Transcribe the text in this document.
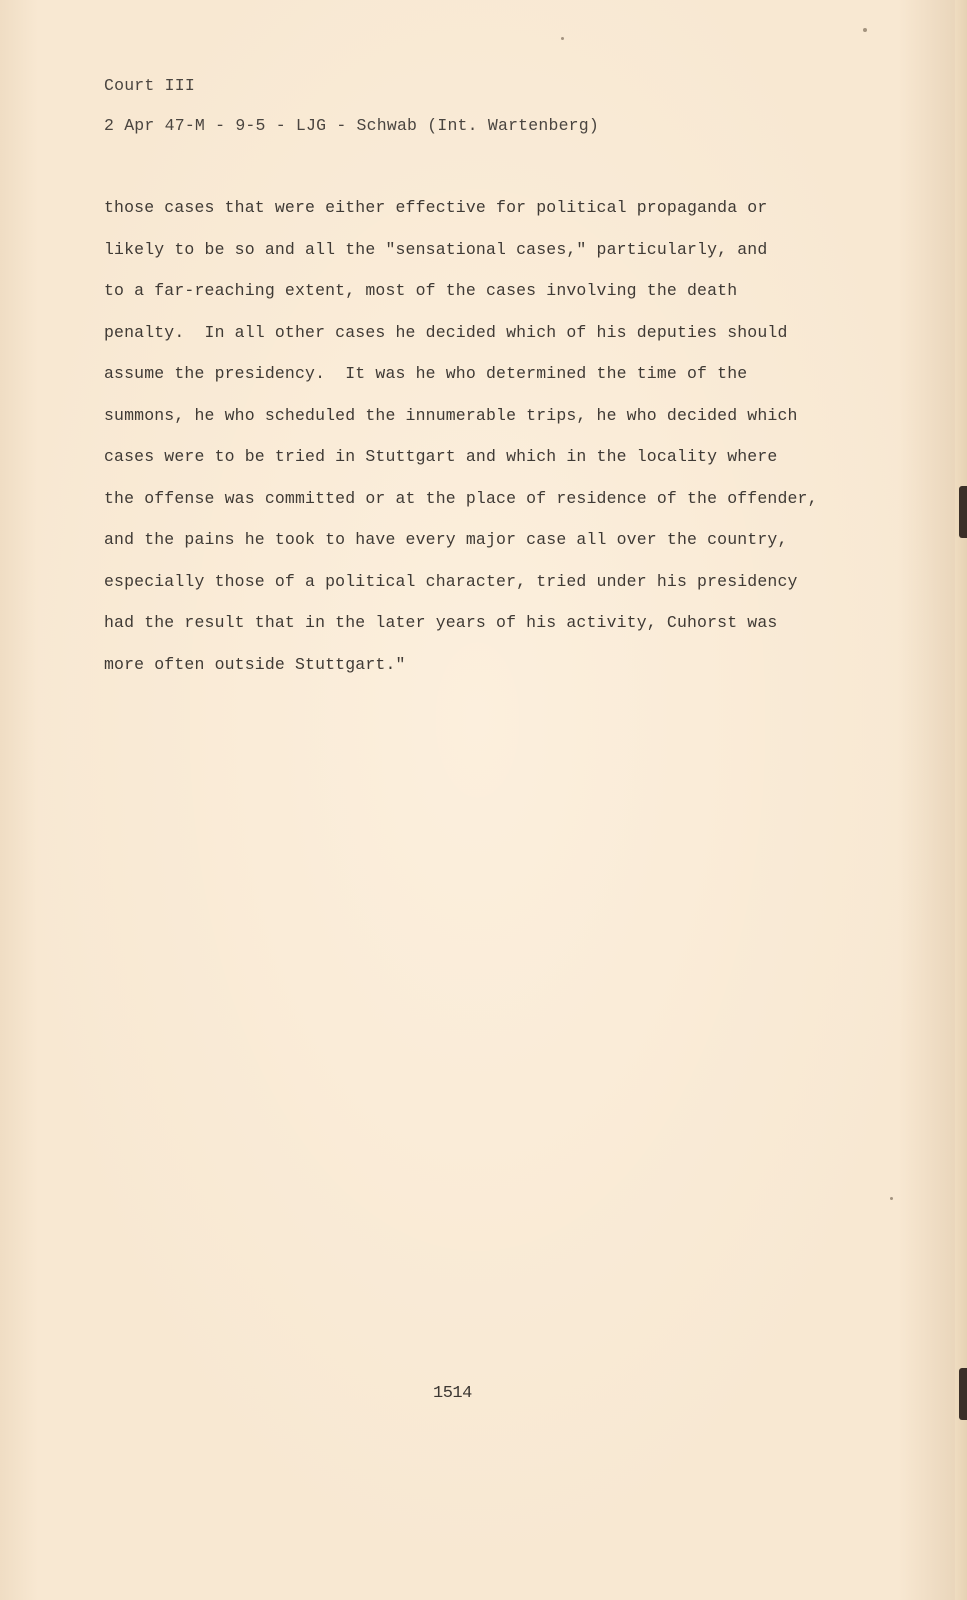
Court III
2 Apr 47-M - 9-5 - LJG - Schwab (Int. Wartenberg)
those cases that were either effective for political propaganda or
likely to be so and all the "sensational cases," particularly, and
to a far-reaching extent, most of the cases involving the death
penalty.  In all other cases he decided which of his deputies should
assume the presidency.  It was he who determined the time of the
summons, he who scheduled the innumerable trips, he who decided which
cases were to be tried in Stuttgart and which in the locality where
the offense was committed or at the place of residence of the offender,
and the pains he took to have every major case all over the country,
especially those of a political character, tried under his presidency
had the result that in the later years of his activity, Cuhorst was
more often outside Stuttgart."
1514
